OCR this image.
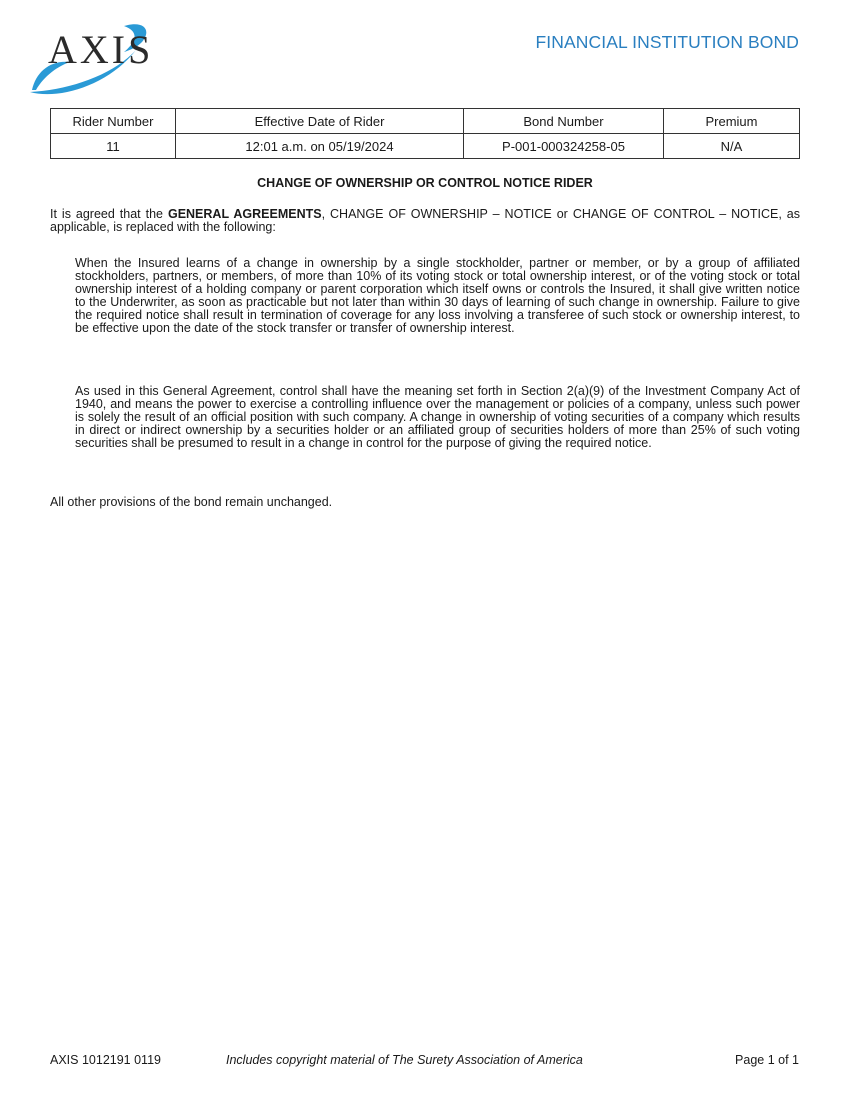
AXIS	FINANCIAL INSTITUTION BOND
Rider Number	Effective Date of Rider	Bond Number	Premium
11	12:01 a.m. on 05/19/2024	P-001-000324258-05	N/A
CHANGE OF OWNERSHIP OR CONTROL NOTICE RIDER
It is agreed that the GENERAL AGREEMENTS, CHANGE OF OWNERSHIP – NOTICE or CHANGE OF CONTROL – NOTICE, as applicable, is replaced with the following:
When the Insured learns of a change in ownership by a single stockholder, partner or member, or by a group of affiliated stockholders, partners, or members, of more than 10% of its voting stock or total ownership interest, or of the voting stock or total ownership interest of a holding company or parent corporation which itself owns or controls the Insured, it shall give written notice to the Underwriter, as soon as practicable but not later than within 30 days of learning of such change in ownership. Failure to give the required notice shall result in termination of coverage for any loss involving a transferee of such stock or ownership interest, to be effective upon the date of the stock transfer or transfer of ownership interest.
As used in this General Agreement, control shall have the meaning set forth in Section 2(a)(9) of the Investment Company Act of 1940, and means the power to exercise a controlling influence over the management or policies of a company, unless such power is solely the result of an official position with such company. A change in ownership of voting securities of a company which results in direct or indirect ownership by a securities holder or an affiliated group of securities holders of more than 25% of such voting securities shall be presumed to result in a change in control for the purpose of giving the required notice.
All other provisions of the bond remain unchanged.
AXIS 1012191 0119	Includes copyright material of The Surety Association of America	Page 1 of 1
